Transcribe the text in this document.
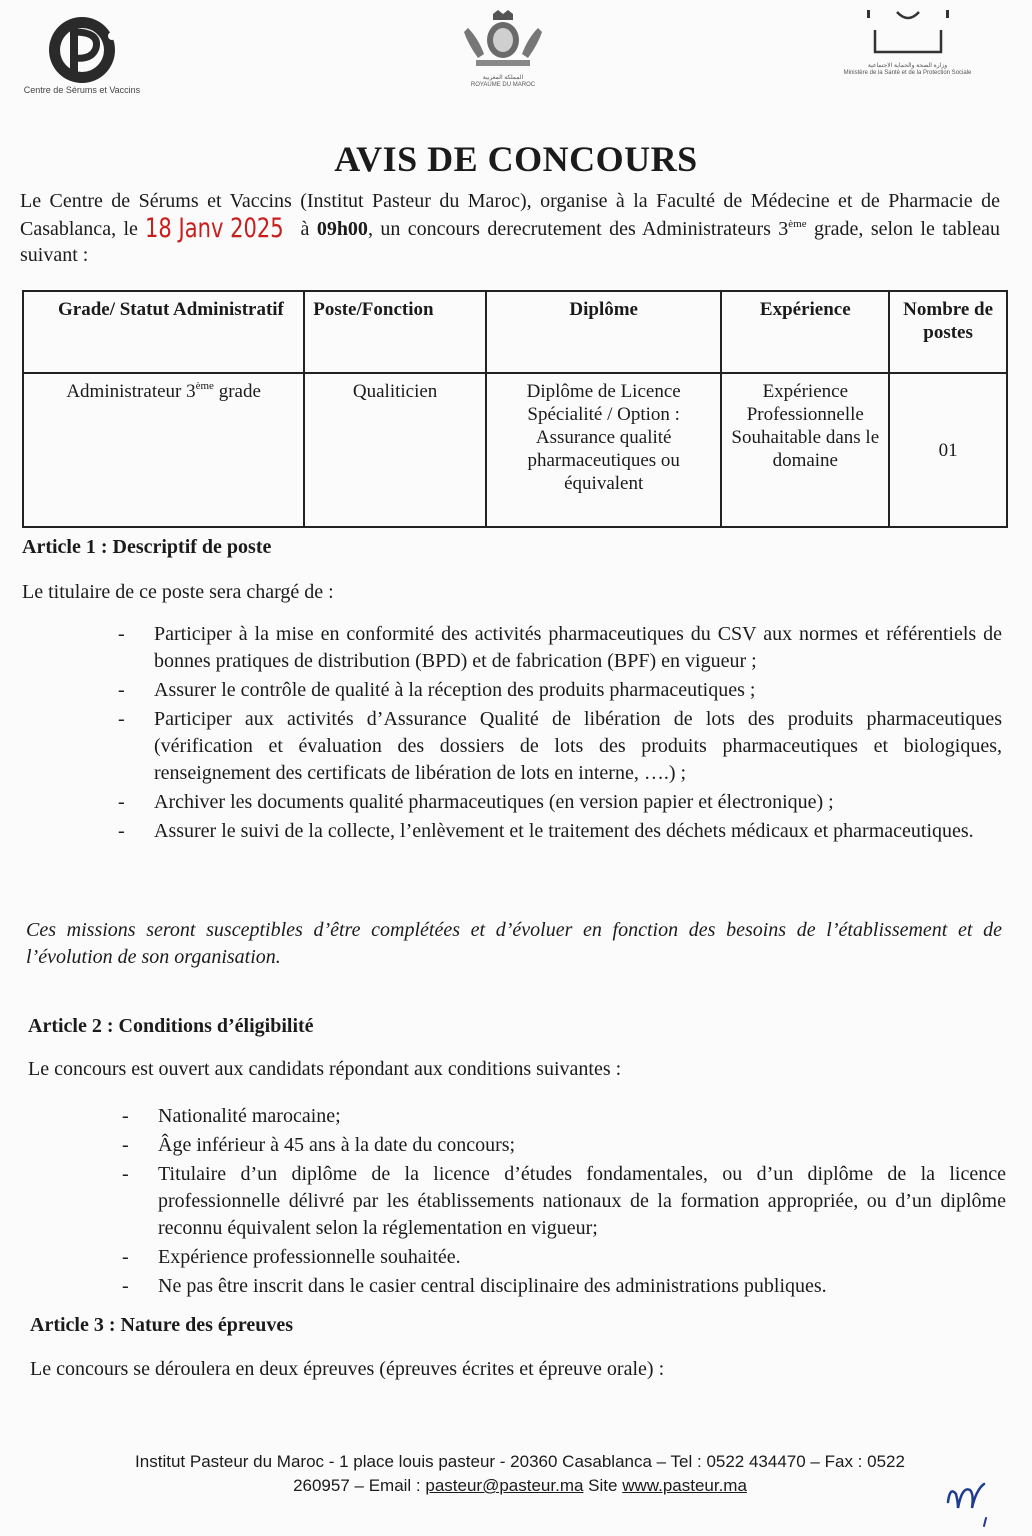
Centre de Sérums et Vaccins
المملكة المغربية
ROYAUME DU MAROC
وزارة الصحة والحماية الاجتماعية
Ministère de la Santé et de la Protection Sociale
AVIS DE CONCOURS
Le Centre de Sérums et Vaccins (Institut Pasteur du Maroc), organise à la Faculté de Médecine et de Pharmacie de Casablanca, le 18 Janv 2025 à 09h00, un concours derecrutement des Administrateurs 3ème grade, selon le tableau suivant :
Grade/ Statut Administratif	Poste/Fonction	Diplôme	Expérience	Nombre de postes
Administrateur 3ème grade	Qualiticien	Diplôme de Licence Spécialité / Option : Assurance qualité pharmaceutiques ou équivalent	Expérience Professionnelle Souhaitable dans le domaine	01
Article 1 : Descriptif de poste
Le titulaire de ce poste sera chargé de :
- Participer à la mise en conformité des activités pharmaceutiques du CSV aux normes et référentiels de bonnes pratiques de distribution (BPD) et de fabrication (BPF) en vigueur ;
- Assurer le contrôle de qualité à la réception des produits pharmaceutiques ;
- Participer aux activités d’Assurance Qualité de libération de lots des produits pharmaceutiques (vérification et évaluation des dossiers de lots des produits pharmaceutiques et biologiques, renseignement des certificats de libération de lots en interne, ….) ;
- Archiver les documents qualité pharmaceutiques (en version papier et électronique) ;
- Assurer le suivi de la collecte, l’enlèvement et le traitement des déchets médicaux et pharmaceutiques.
Ces missions seront susceptibles d’être complétées et d’évoluer en fonction des besoins de l’établissement et de l’évolution de son organisation.
Article 2 : Conditions d’éligibilité
Le concours est ouvert aux candidats répondant aux conditions suivantes :
- Nationalité marocaine;
- Âge inférieur à 45 ans à la date du concours;
- Titulaire d’un diplôme de la licence d’études fondamentales, ou d’un diplôme de la licence professionnelle délivré par les établissements nationaux de la formation appropriée, ou d’un diplôme reconnu équivalent selon la réglementation en vigueur;
- Expérience professionnelle souhaitée.
- Ne pas être inscrit dans le casier central disciplinaire des administrations publiques.
Article 3 : Nature des épreuves
Le concours se déroulera en deux épreuves (épreuves écrites et épreuve orale) :
Institut Pasteur du Maroc - 1 place louis pasteur - 20360 Casablanca – Tel : 0522 434470 – Fax : 0522
260957 – Email : pasteur@pasteur.ma Site www.pasteur.ma
